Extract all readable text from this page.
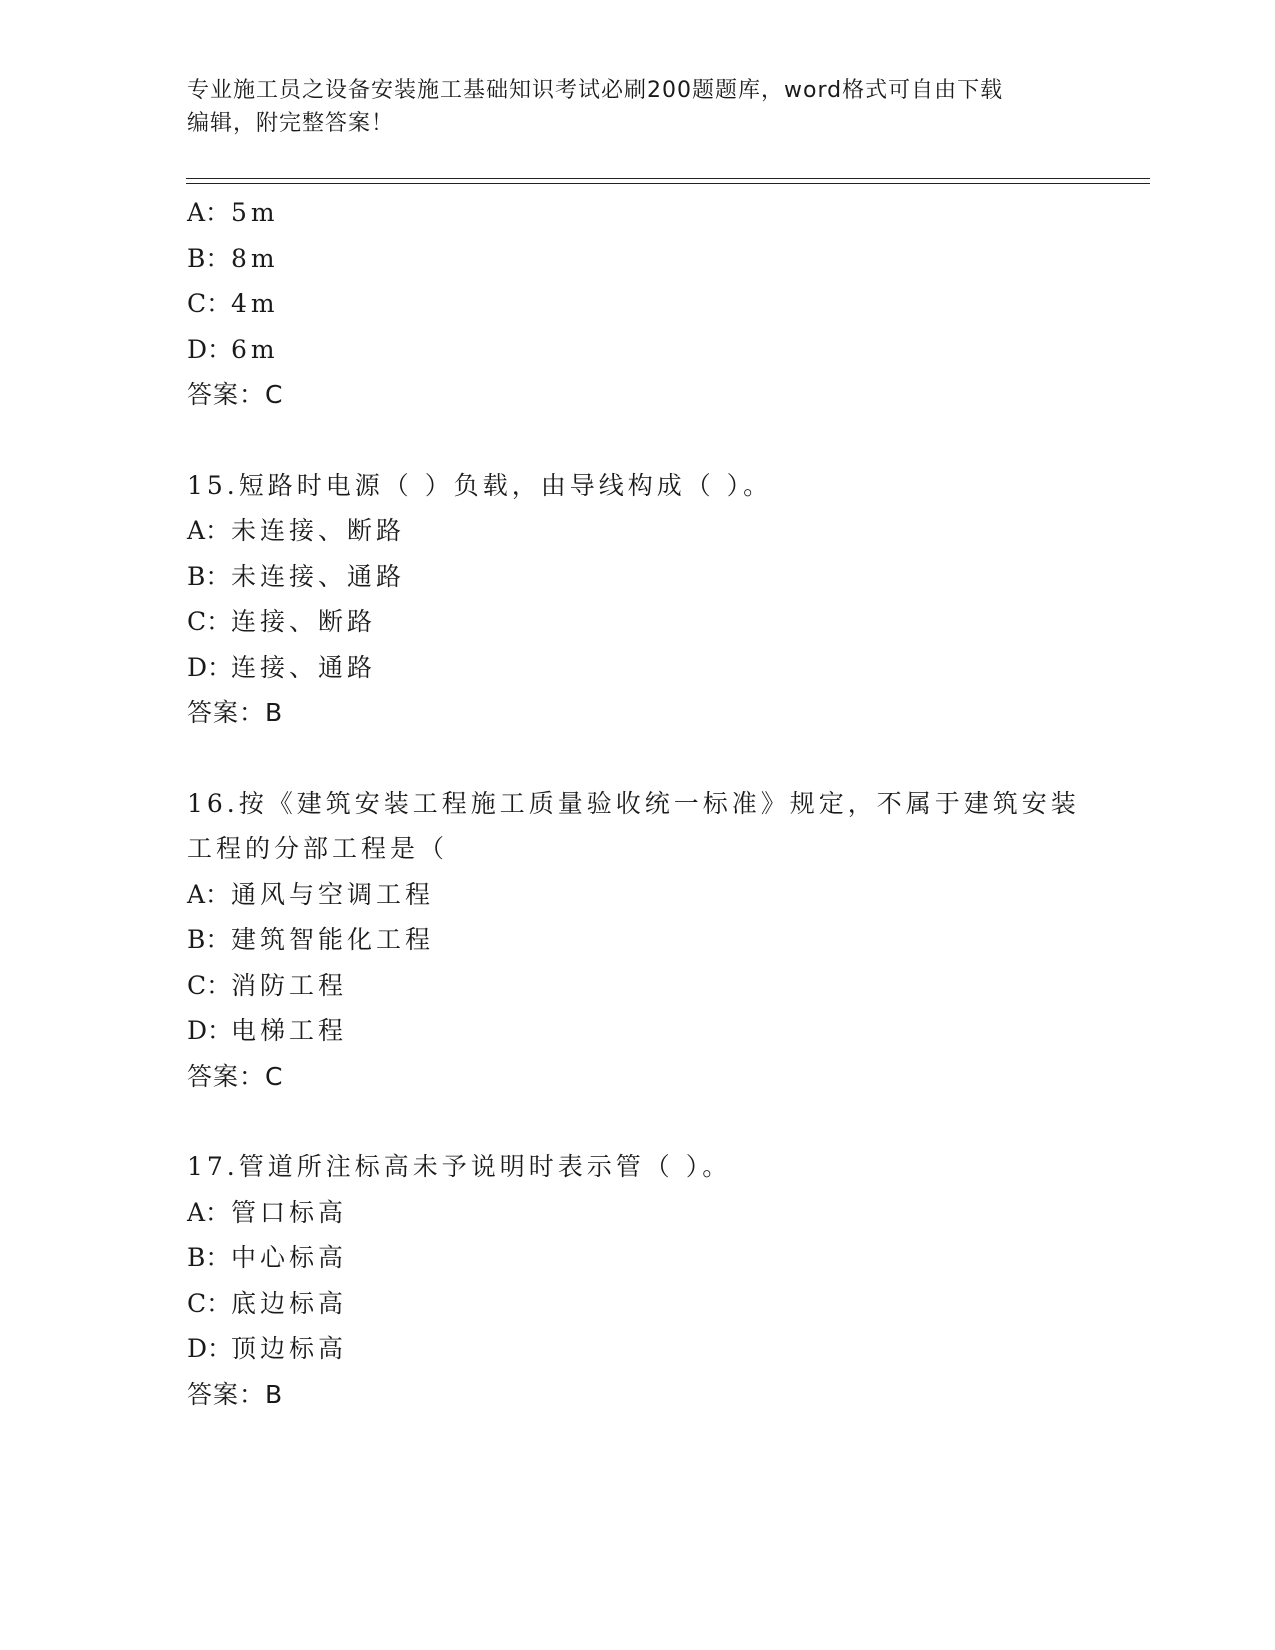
专业施工员之设备安装施工基础知识考试必刷200题题库，word格式可自由下载
编辑，附完整答案！
A：5m
B：8m
C：4m
D：6m
答案：C
15.短路时电源（ ）负载，由导线构成（ ）。
A：未连接、断路
B：未连接、通路
C：连接、断路
D：连接、通路
答案：B
16.按《建筑安装工程施工质量验收统一标准》规定，不属于建筑安装
工程的分部工程是（
A：通风与空调工程
B：建筑智能化工程
C：消防工程
D：电梯工程
答案：C
17.管道所注标高未予说明时表示管（ ）。
A：管口标高
B：中心标高
C：底边标高
D：顶边标高
答案：B
